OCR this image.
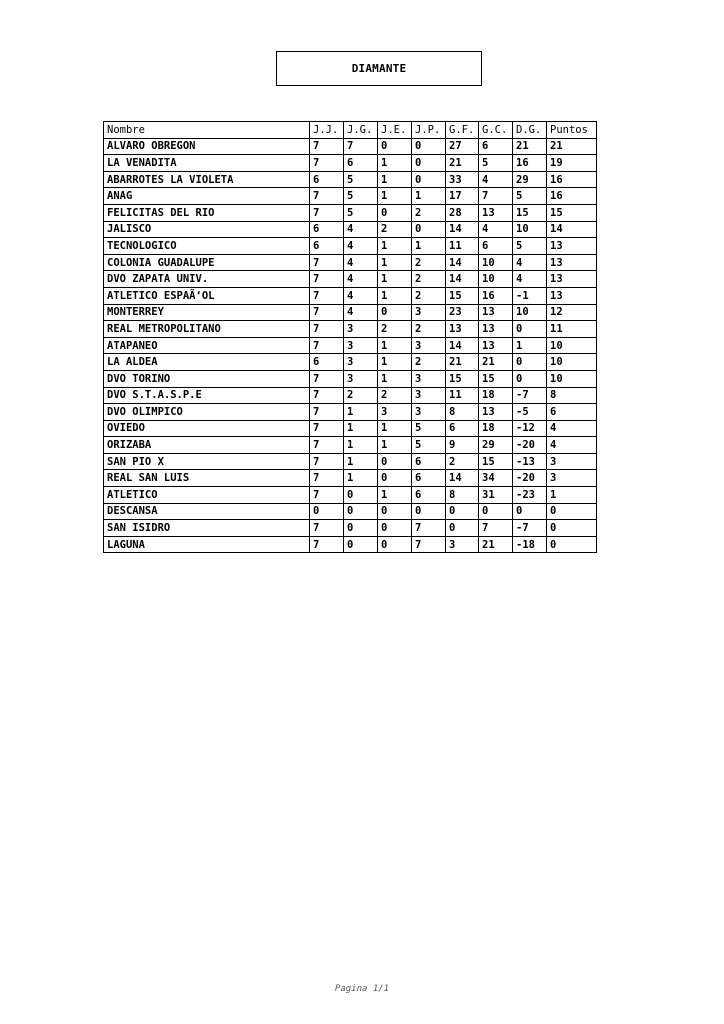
DIAMANTE
Nombre	J.J.	J.G.	J.E.	J.P.	G.F.	G.C.	D.G.	Puntos
ALVARO OBREGON	7	7	0	0	27	6	21	21
LA VENADITA	7	6	1	0	21	5	16	19
ABARROTES LA VIOLETA	6	5	1	0	33	4	29	16
ANAG	7	5	1	1	17	7	5	16
FELICITAS DEL RIO	7	5	0	2	28	13	15	15
JALISCO	6	4	2	0	14	4	10	14
TECNOLOGICO	6	4	1	1	11	6	5	13
COLONIA GUADALUPE	7	4	1	2	14	10	4	13
DVO ZAPATA UNIV.	7	4	1	2	14	10	4	13
ATLETICO ESPAÃ‘OL	7	4	1	2	15	16	-1	13
MONTERREY	7	4	0	3	23	13	10	12
REAL METROPOLITANO	7	3	2	2	13	13	0	11
ATAPANEO	7	3	1	3	14	13	1	10
LA ALDEA	6	3	1	2	21	21	0	10
DVO TORINO	7	3	1	3	15	15	0	10
DVO S.T.A.S.P.E	7	2	2	3	11	18	-7	8
DVO OLIMPICO	7	1	3	3	8	13	-5	6
OVIEDO	7	1	1	5	6	18	-12	4
ORIZABA	7	1	1	5	9	29	-20	4
SAN PIO X	7	1	0	6	2	15	-13	3
REAL SAN LUIS	7	1	0	6	14	34	-20	3
ATLETICO	7	0	1	6	8	31	-23	1
DESCANSA	0	0	0	0	0	0	0	0
SAN ISIDRO	7	0	0	7	0	7	-7	0
LAGUNA	7	0	0	7	3	21	-18	0
Pagina 1/1
